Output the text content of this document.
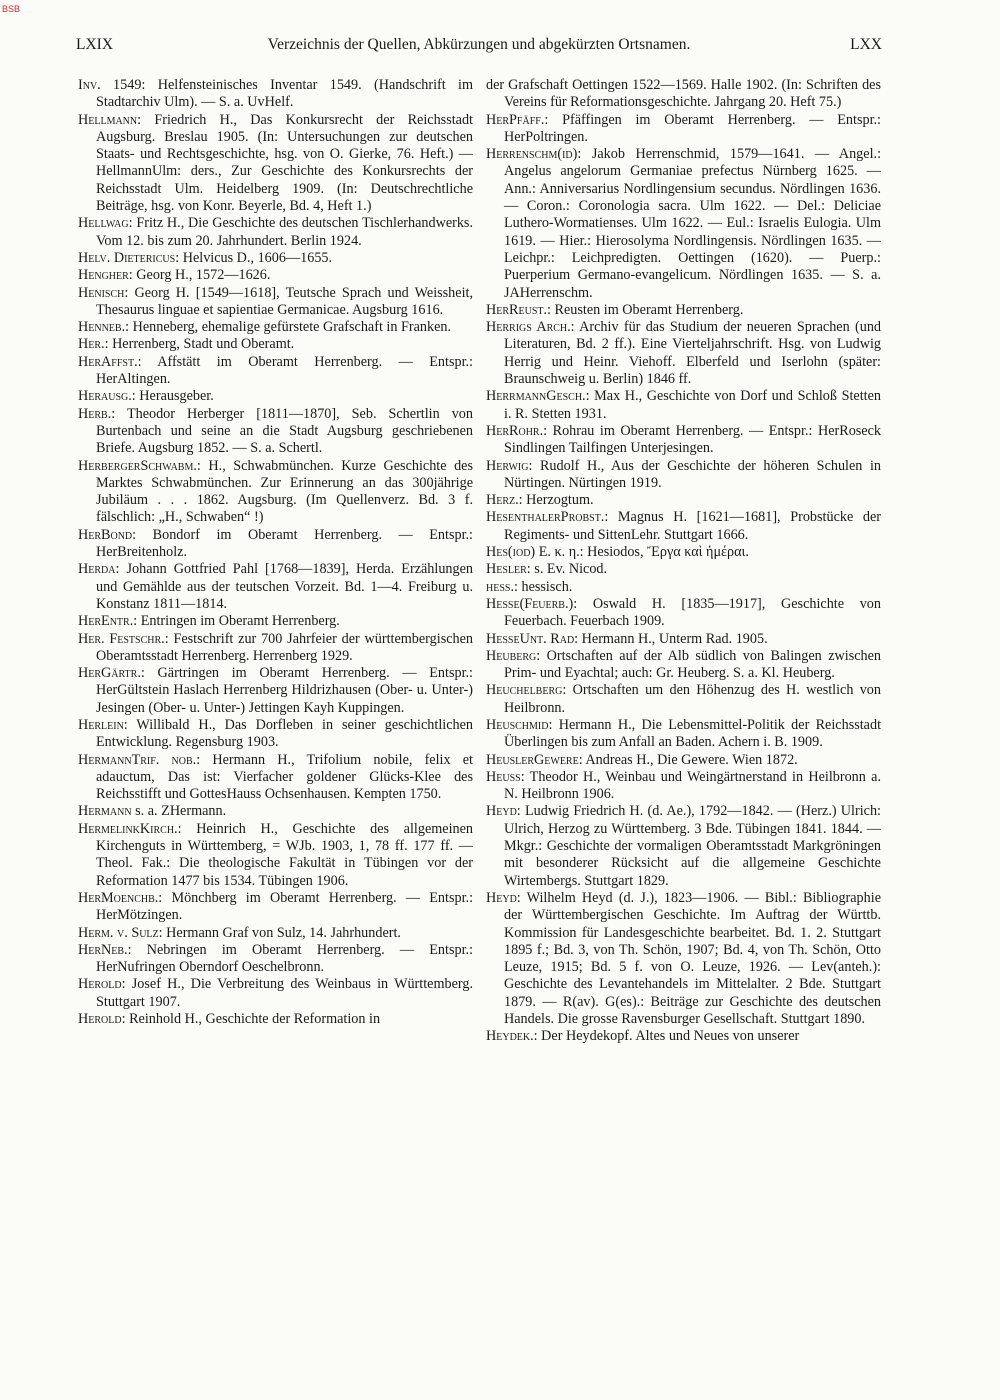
BSB
LXIX	Verzeichnis der Quellen, Abkürzungen und abgekürzten Ortsnamen.	LXX

Inv. 1549: Helfensteinisches Inventar 1549. (Handschrift im Stadtarchiv Ulm). — S. a. UvHelf.

Hellmann: Friedrich H., Das Konkursrecht der Reichsstadt Augsburg. Breslau 1905. (In: Untersuchungen zur deutschen Staats- und Rechtsgeschichte, hsg. von O. Gierke, 76. Heft.) — HellmannUlm: ders., Zur Geschichte des Konkursrechts der Reichsstadt Ulm. Heidelberg 1909. (In: Deutschrechtliche Beiträge, hsg. von Konr. Beyerle, Bd. 4, Heft 1.)

Hellwag: Fritz H., Die Geschichte des deutschen Tischlerhandwerks. Vom 12. bis zum 20. Jahrhundert. Berlin 1924.

Helv. Dietericus: Helvicus D., 1606—1655.

Hengher: Georg H., 1572—1626.

Henisch: Georg H. [1549—1618], Teutsche Sprach und Weissheit, Thesaurus linguae et sapientiae Germanicae. Augsburg 1616.

Henneb.: Henneberg, ehemalige gefürstete Grafschaft in Franken.

Her.: Herrenberg, Stadt und Oberamt.

HerAffst.: Affstätt im Oberamt Herrenberg. — Entspr.: HerAltingen.

Herausg.: Herausgeber.

Herb.: Theodor Herberger [1811—1870], Seb. Schertlin von Burtenbach und seine an die Stadt Augsburg geschriebenen Briefe. Augsburg 1852. — S. a. Schertl.

HerbergerSchwabm.: H., Schwabmünchen. Kurze Geschichte des Marktes Schwabmünchen. Zur Erinnerung an das 300jährige Jubiläum . . . 1862. Augsburg. (Im Quellenverz. Bd. 3 f. fälschlich: „H., Schwaben“ !)

HerBond: Bondorf im Oberamt Herrenberg. — Entspr.: HerBreitenholz.

Herda: Johann Gottfried Pahl [1768—1839], Herda. Erzählungen und Gemählde aus der teutschen Vorzeit. Bd. 1—4. Freiburg u. Konstanz 1811—1814.

HerEntr.: Entringen im Oberamt Herrenberg.

Her. Festschr.: Festschrift zur 700 Jahrfeier der württembergischen Oberamtsstadt Herrenberg. Herrenberg 1929.

HerGärtr.: Gärtringen im Oberamt Herrenberg. — Entspr.: HerGültstein Haslach Herrenberg Hildrizhausen (Ober- u. Unter-) Jesingen (Ober- u. Unter-) Jettingen Kayh Kuppingen.

Herlein: Willibald H., Das Dorfleben in seiner geschichtlichen Entwicklung. Regensburg 1903.

HermannTrif. nob.: Hermann H., Trifolium nobile, felix et adauctum, Das ist: Vierfacher goldener Glücks-Klee des Reichsstifft und GottesHauss Ochsenhausen. Kempten 1750.

Hermann s. a. ZHermann.

HermelinkKirch.: Heinrich H., Geschichte des allgemeinen Kirchenguts in Württemberg, = WJb. 1903, 1, 78 ff. 177 ff. — Theol. Fak.: Die theologische Fakultät in Tübingen vor der Reformation 1477 bis 1534. Tübingen 1906.

HerMoenchb.: Mönchberg im Oberamt Herrenberg. — Entspr.: HerMötzingen.

Herm. v. Sulz: Hermann Graf von Sulz, 14. Jahrhundert.

HerNeb.: Nebringen im Oberamt Herrenberg. — Entspr.: HerNufringen Oberndorf Oeschelbronn.

Herold: Josef H., Die Verbreitung des Weinbaus in Württemberg. Stuttgart 1907.

Herold: Reinhold H., Geschichte der Reformation in

der Grafschaft Oettingen 1522—1569. Halle 1902. (In: Schriften des Vereins für Reformationsgeschichte. Jahrgang 20. Heft 75.)

HerPfäff.: Pfäffingen im Oberamt Herrenberg. — Entspr.: HerPoltringen.

Herrenschm(id): Jakob Herrenschmid, 1579—1641. — Angel.: Angelus angelorum Germaniae prefectus Nürnberg 1625. — Ann.: Anniversarius Nordlingensium secundus. Nördlingen 1636. — Coron.: Coronologia sacra. Ulm 1622. — Del.: Deliciae Luthero-Wormatienses. Ulm 1622. — Eul.: Israelis Eulogia. Ulm 1619. — Hier.: Hierosolyma Nordlingensis. Nördlingen 1635. — Leichpr.: Leichpredigten. Oettingen (1620). — Puerp.: Puerperium Germano-evangelicum. Nördlingen 1635. — S. a. JAHerrenschm.

HerReust.: Reusten im Oberamt Herrenberg.

Herrigs Arch.: Archiv für das Studium der neueren Sprachen (und Literaturen, Bd. 2 ff.). Eine Vierteljahrschrift. Hsg. von Ludwig Herrig und Heinr. Viehoff. Elberfeld und Iserlohn (später: Braunschweig u. Berlin) 1846 ff.

HerrmannGesch.: Max H., Geschichte von Dorf und Schloß Stetten i. R. Stetten 1931.

HerRohr.: Rohrau im Oberamt Herrenberg. — Entspr.: HerRoseck Sindlingen Tailfingen Unterjesingen.

Herwig: Rudolf H., Aus der Geschichte der höheren Schulen in Nürtingen. Nürtingen 1919.

Herz.: Herzogtum.

HesenthalerProbst.: Magnus H. [1621—1681], Probstücke der Regiments- und SittenLehr. Stuttgart 1666.

Hes(iod) E. κ. η.: Hesiodos, Ἔργα καὶ ἡμέραι.

Hesler: s. Ev. Nicod.

hess.: hessisch.

Hesse(Feuerb.): Oswald H. [1835—1917], Geschichte von Feuerbach. Feuerbach 1909.

HesseUnt. Rad: Hermann H., Unterm Rad. 1905.

Heuberg: Ortschaften auf der Alb südlich von Balingen zwischen Prim- und Eyachtal; auch: Gr. Heuberg. S. a. Kl. Heuberg.

Heuchelberg: Ortschaften um den Höhenzug des H. westlich von Heilbronn.

Heuschmid: Hermann H., Die Lebensmittel-Politik der Reichsstadt Überlingen bis zum Anfall an Baden. Achern i. B. 1909.

HeuslerGewere: Andreas H., Die Gewere. Wien 1872.

Heuss: Theodor H., Weinbau und Weingärtnerstand in Heilbronn a. N. Heilbronn 1906.

Heyd: Ludwig Friedrich H. (d. Ae.), 1792—1842. — (Herz.) Ulrich: Ulrich, Herzog zu Württemberg. 3 Bde. Tübingen 1841. 1844. — Mkgr.: Geschichte der vormaligen Oberamtsstadt Markgröningen mit besonderer Rücksicht auf die allgemeine Geschichte Wirtembergs. Stuttgart 1829.

Heyd: Wilhelm Heyd (d. J.), 1823—1906. — Bibl.: Bibliographie der Württembergischen Geschichte. Im Auftrag der Württb. Kommission für Landesgeschichte bearbeitet. Bd. 1. 2. Stuttgart 1895 f.; Bd. 3, von Th. Schön, 1907; Bd. 4, von Th. Schön, Otto Leuze, 1915; Bd. 5 f. von O. Leuze, 1926. — Lev(anteh.): Geschichte des Levantehandels im Mittelalter. 2 Bde. Stuttgart 1879. — R(av). G(es).: Beiträge zur Geschichte des deutschen Handels. Die grosse Ravensburger Gesellschaft. Stuttgart 1890.

Heydek.: Der Heydekopf. Altes und Neues von unserer
